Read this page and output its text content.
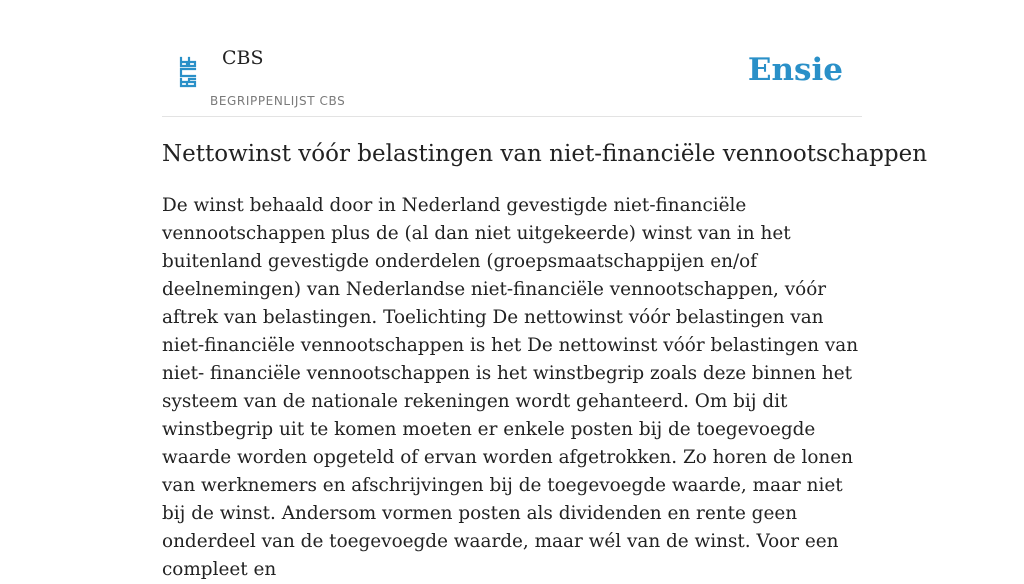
CBS
BEGRIPPENLIJST CBS
Ensie
Nettowinst vóór belastingen van niet-financiële vennootschappen

De winst behaald door in Nederland gevestigde niet-financiële vennootschappen plus de (al dan niet uitgekeerde) winst van in het buitenland gevestigde onderdelen (groepsmaatschappijen en/of deelnemingen) van Nederlandse niet-financiële vennootschappen, vóór aftrek van belastingen. Toelichting De nettowinst vóór belastingen van niet-financiële vennootschappen is het De nettowinst vóór belastingen van niet- financiële vennootschappen is het winstbegrip zoals deze binnen het systeem van de nationale rekeningen wordt gehanteerd. Om bij dit winstbegrip uit te komen moeten er enkele posten bij de toegevoegde waarde worden opgeteld of ervan worden afgetrokken. Zo horen de lonen van werknemers en afschrijvingen bij de toegevoegde waarde, maar niet bij de winst. Andersom vormen posten als dividenden en rente geen onderdeel van de toegevoegde waarde, maar wél van de winst. Voor een compleet en
